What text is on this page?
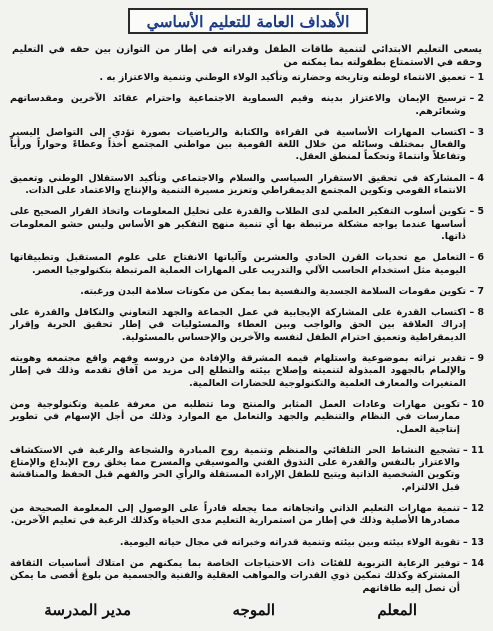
الأهداف العامة للتعليم الأساسي

يسعى التعليم الابتدائي لتنمية طاقات الطفل وقدراته في إطار من التوازن بين حقه في التعليم وحقه في الاستمتاع بطفولته بما يمكنه من

1 –
تعميق الانتماء لوطنه وتاريخه وحضارته وتأكيد الولاء الوطني وتنمية والاعتزاز به .
2 –
ترسيخ الإيمان والاعتزاز بدينه وقيم السماوية الاجتماعية واحترام عقائد الآخرين ومقدساتهم وشعائرهم.
3 –
اكتساب المهارات الأساسية في القراءة والكتابة والرياضيات بصورة تؤدي إلى التواصل اليسير والفعال بمختلف وسائله من خلال اللغة القومية بين مواطني المجتمع أخذاً وعطاءً وحواراً ورأياً وتفاعلاً وانتماءً وتحكماً لمنطق العقل.
4 –
المشاركة في تحقيق الاستقرار السياسي والسلام والاجتماعي وتأكيد الاستقلال الوطني وتعميق الانتماء القومي وتكوين المجتمع الديمقراطي وتعزيز مسيرة التنمية والإنتاج والاعتماد على الذات.
5 –
تكوين أسلوب التفكير العلمي لدى الطلاب والقدرة على تحليل المعلومات واتخاذ القرار الصحيح على أساسها عندما يواجه مشكلة مرتبطة بها أي تنمية منهج التفكير هو الأساس وليس حشو المعلومات ذاتها.
6 –
التعامل مع تحديات القرن الحادي والعشرين وآلياتها الانفتاح على علوم المستقبل وتطبيقاتها اليومية مثل استخدام الحاسب الآلي والتدريب على المهارات العملية المرتبطة بتكنولوجيا العصر.
7 –
تكوين مقومات السلامة الجسدية والنفسية بما يمكن من مكونات سلامة البدن ورغبته.
8 –
اكتساب القدرة على المشاركة الإيجابية في عمل الجماعة والجهد التعاوني والتكافل والقدرة على إدراك العلاقة بين الحق والواجب وبين العطاء والمسئوليات في إطار تحقيق الحرية وإقرار الديمقراطية وتعميق احترام الطفل لنفسه والآخرين والإحساس بالمسئولية.
9 –
تقدير تراثه بموضوعية واستلهام قيمه المشرقة والإفادة من دروسه وفهم واقع مجتمعه وهويته والإلمام بالجهود المبذولة لتنميته وإصلاح بيئته والتطلع إلى مزيد من آفاق تقدمه وذلك في إطار المتغيرات والمعارف العلمية والتكنولوجية للحضارات العالمية.
10 –
تكوين مهارات وعادات العمل المثابر والمنتج وما تتطلبه من معرفة علمية وتكنولوجية ومن ممارسات في النظام والتنظيم والجهد والتعامل مع الموارد وذلك من أجل الإسهام في تطوير إنتاجية العمل.
11 –
تشجيع النشاط الحر التلقائي والمنظم وتنمية روح المبادرة والشجاعة والرغبة في الاستكشاف والاعتزاز بالنفس والقدرة على التذوق الفني والموسيقي والمسرح مما يخلق روح الإبداع والإمتاع وتكوين الشخصية الذاتية ويتيح للطفل الإرادة المستقلة والرأي الحر والفهم قبل الحفظ والمناقشة قبل الالتزام.
12 –
تنمية مهارات التعليم الذاتي واتجاهاته مما يجعله قادراً على الوصول إلى المعلومة الصحيحة من مصادرها الأصلية وذلك في إطار من استمرارية التعليم مدى الحياة وكذلك الرغبة في تعليم الآخرين.
13 –
تقوية الولاء بيئته وبين بيئته وتنمية قدراته وخبراته في مجال حياته اليومية.
14 –
توفير الرعاية التربوية للفئات ذات الاحتياجات الخاصة بما يمكنهم من امتلاك أساسيات الثقافة المشتركة وكذلك تمكين ذوي القدرات والمواهب العقلية والفنية والجسمية من بلوغ أقصى ما يمكن أن تصل إليه طاقاتهم
المعلم
الموجه
مدير المدرسة
